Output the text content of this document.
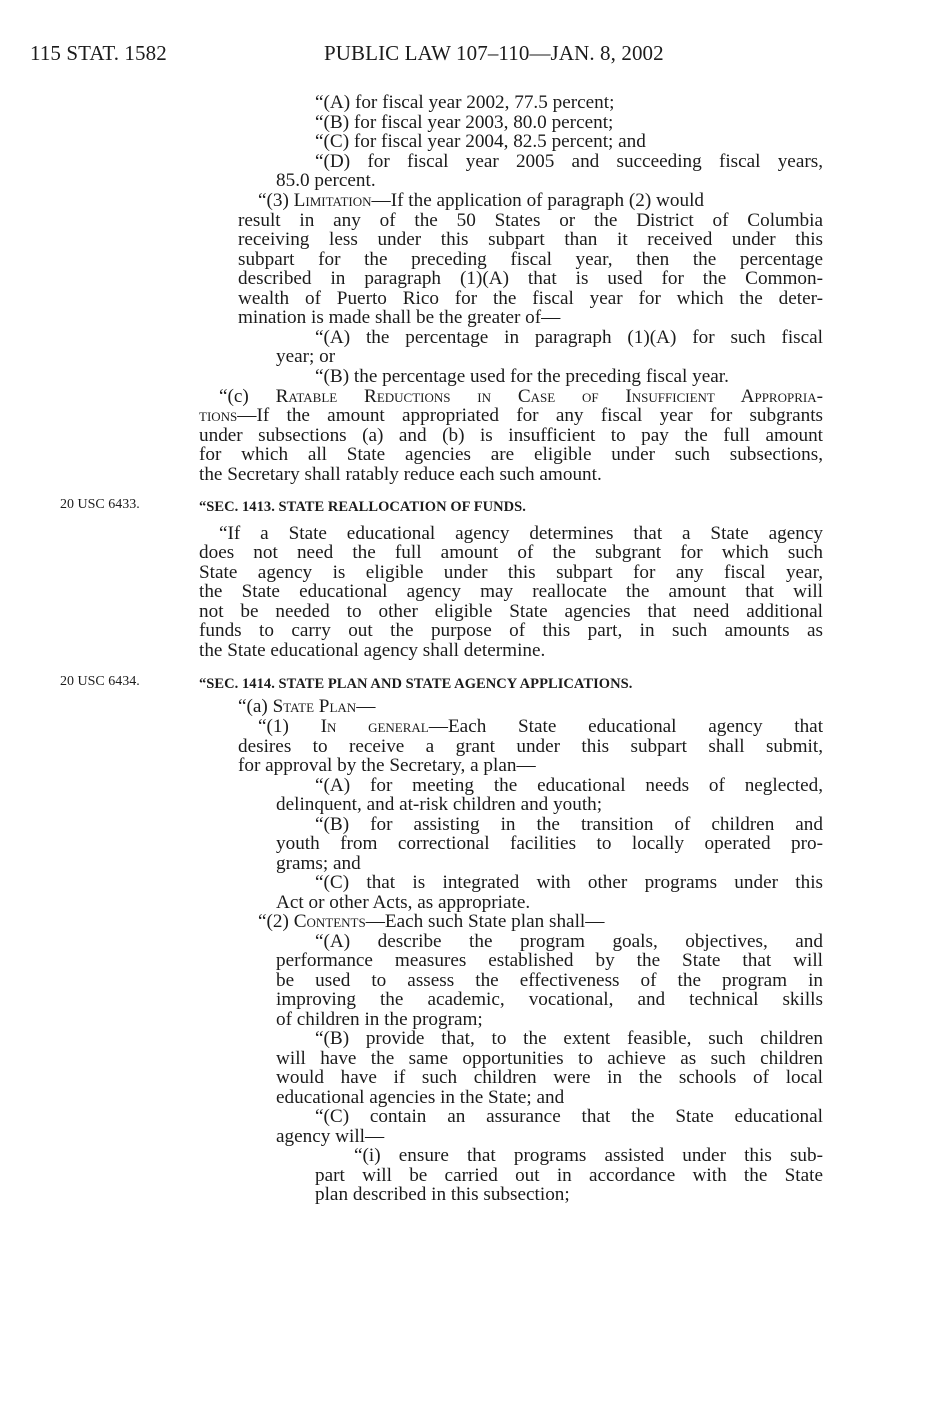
115 STAT. 1582	PUBLIC LAW 107–110—JAN. 8, 2002
20 USC 6433.
20 USC 6434.
“(A) for fiscal year 2002, 77.5 percent;
“(B) for fiscal year 2003, 80.0 percent;
“(C) for fiscal year 2004, 82.5 percent; and
“(D) for fiscal year 2005 and succeeding fiscal years,
85.0 percent.
“(3) Limitation—If the application of paragraph (2) would
result in any of the 50 States or the District of Columbia
receiving less under this subpart than it received under this
subpart for the preceding fiscal year, then the percentage
described in paragraph (1)(A) that is used for the Common-
wealth of Puerto Rico for the fiscal year for which the deter-
mination is made shall be the greater of—
“(A) the percentage in paragraph (1)(A) for such fiscal
year; or
“(B) the percentage used for the preceding fiscal year.
“(c) Ratable Reductions in Case of Insufficient Appropria-
tions—If the amount appropriated for any fiscal year for subgrants
under subsections (a) and (b) is insufficient to pay the full amount
for which all State agencies are eligible under such subsections,
the Secretary shall ratably reduce each such amount.
“SEC. 1413. STATE REALLOCATION OF FUNDS.
“If a State educational agency determines that a State agency
does not need the full amount of the subgrant for which such
State agency is eligible under this subpart for any fiscal year,
the State educational agency may reallocate the amount that will
not be needed to other eligible State agencies that need additional
funds to carry out the purpose of this part, in such amounts as
the State educational agency shall determine.
“SEC. 1414. STATE PLAN AND STATE AGENCY APPLICATIONS.
“(a) State Plan—
“(1) In general—Each State educational agency that
desires to receive a grant under this subpart shall submit,
for approval by the Secretary, a plan—
“(A) for meeting the educational needs of neglected,
delinquent, and at-risk children and youth;
“(B) for assisting in the transition of children and
youth from correctional facilities to locally operated pro-
grams; and
“(C) that is integrated with other programs under this
Act or other Acts, as appropriate.
“(2) Contents—Each such State plan shall—
“(A) describe the program goals, objectives, and
performance measures established by the State that will
be used to assess the effectiveness of the program in
improving the academic, vocational, and technical skills
of children in the program;
“(B) provide that, to the extent feasible, such children
will have the same opportunities to achieve as such children
would have if such children were in the schools of local
educational agencies in the State; and
“(C) contain an assurance that the State educational
agency will—
“(i) ensure that programs assisted under this sub-
part will be carried out in accordance with the State
plan described in this subsection;
